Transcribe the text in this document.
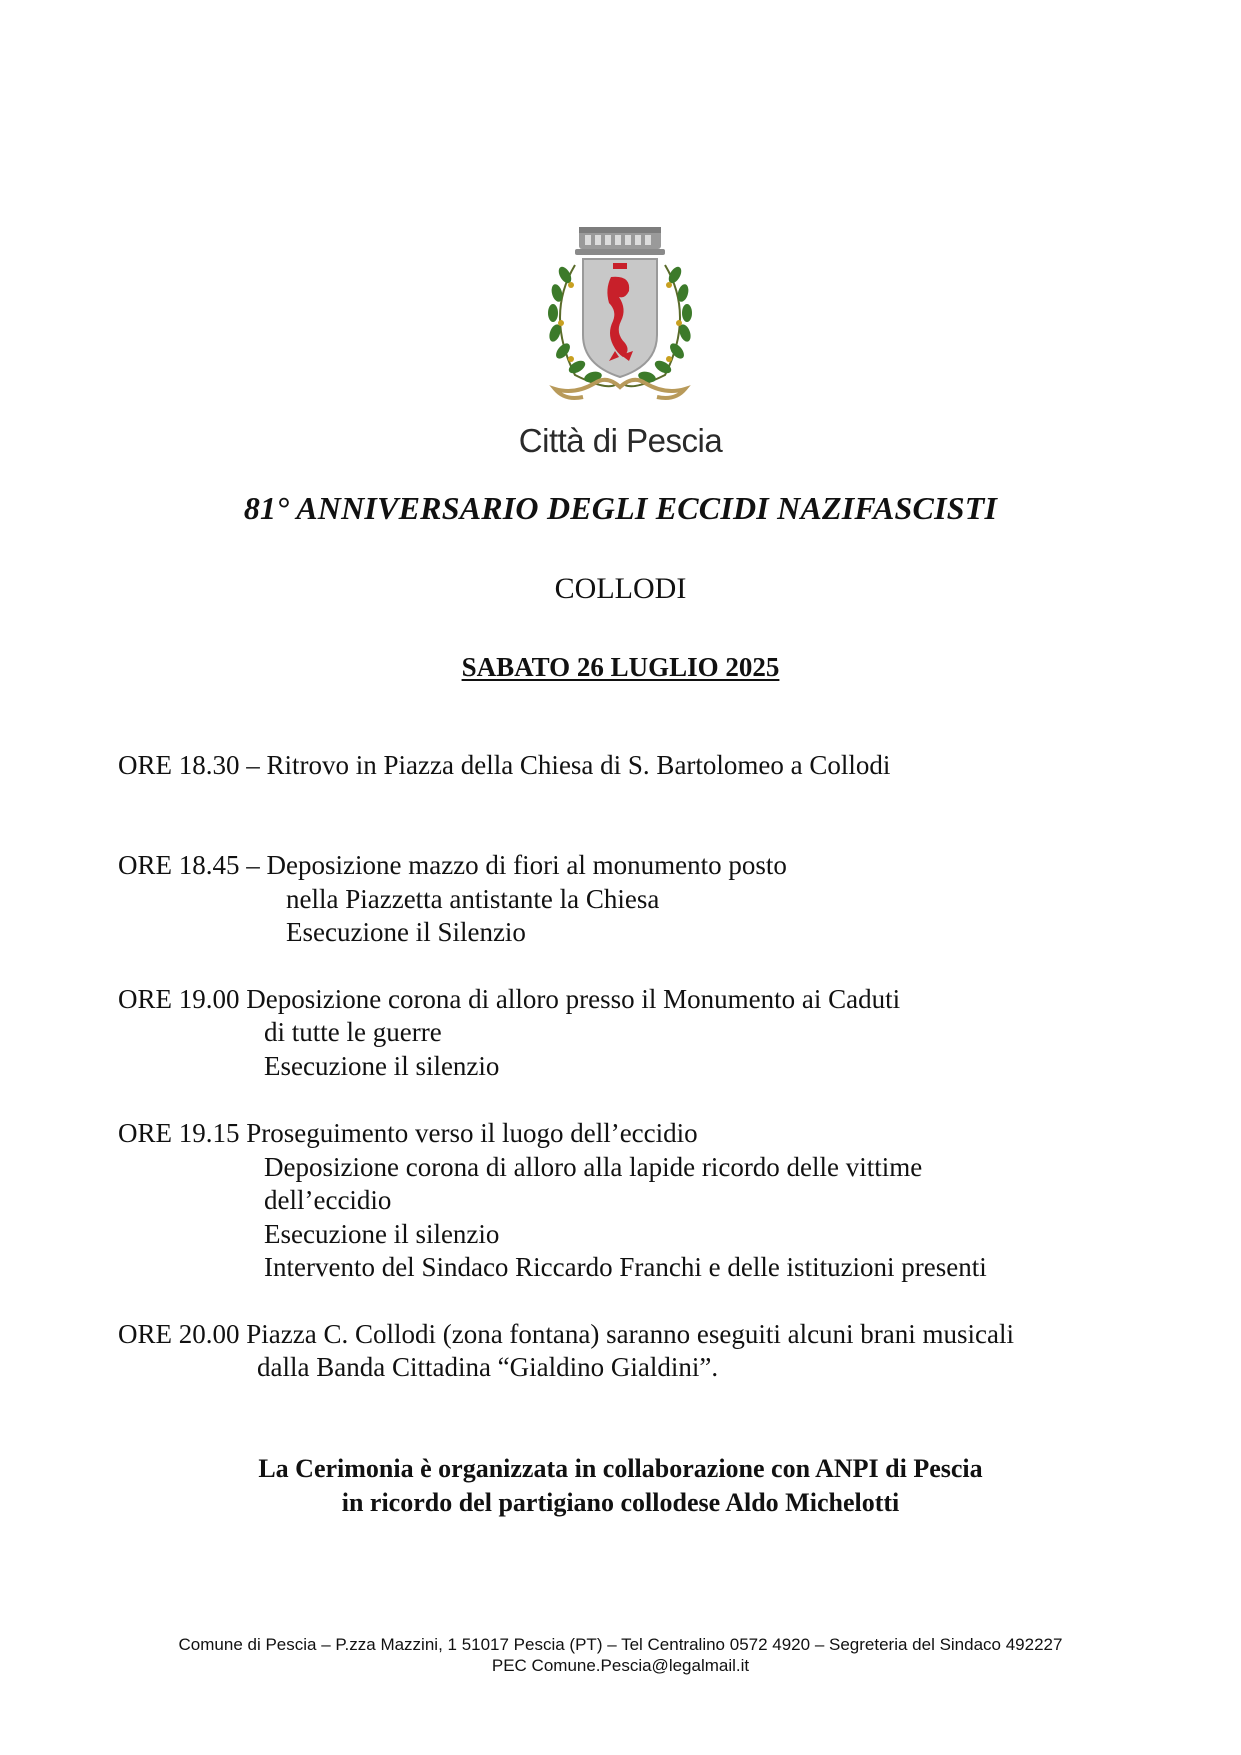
Città di Pescia
81° ANNIVERSARIO DEGLI ECCIDI NAZIFASCISTI
COLLODI
SABATO 26 LUGLIO 2025
ORE 18.30 – Ritrovo in Piazza della Chiesa di S. Bartolomeo a Collodi
ORE 18.45 – Deposizione mazzo di fiori al monumento posto
nella Piazzetta antistante la Chiesa
Esecuzione il Silenzio
ORE 19.00 Deposizione corona di alloro presso il Monumento ai Caduti
di tutte le guerre
Esecuzione il silenzio
ORE 19.15 Proseguimento verso il luogo dell’eccidio
Deposizione corona di alloro alla lapide ricordo delle vittime
dell’eccidio
Esecuzione il silenzio
Intervento del Sindaco Riccardo Franchi e delle istituzioni presenti
ORE 20.00 Piazza C. Collodi (zona fontana) saranno eseguiti alcuni brani musicali
dalla Banda Cittadina “Gialdino Gialdini”.
La Cerimonia è organizzata in collaborazione con ANPI di Pescia
in ricordo del partigiano collodese Aldo Michelotti
Comune di Pescia – P.zza Mazzini, 1 51017 Pescia (PT) – Tel Centralino 0572 4920 – Segreteria del Sindaco 492227
PEC Comune.Pescia@legalmail.it
